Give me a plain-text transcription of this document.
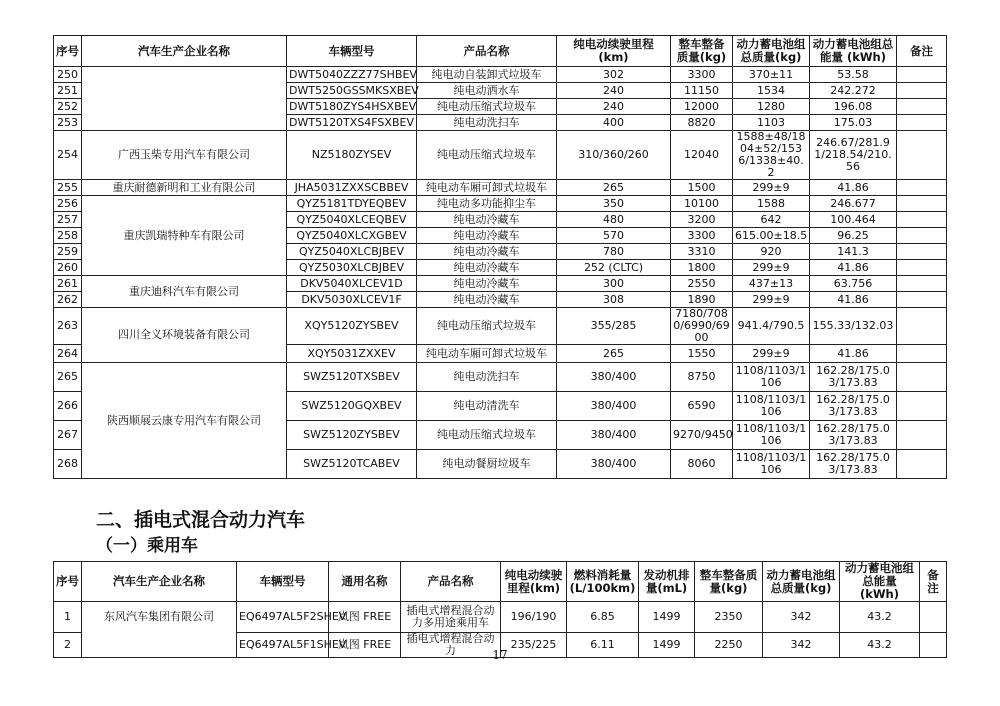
序号	汽车生产企业名称	车辆型号	产品名称	纯电动续驶里程(km)	整车整备质量(kg)	动力蓄电池组总质量(kg)	动力蓄电池组总能量 (kWh)	备注
250		DWT5040ZZZ77SHBEV	纯电动自装卸式垃圾车	302	3300	370±11	53.58	
251		DWT5250GSSMKSXBEV	纯电动洒水车	240	11150	1534	242.272	
252		DWT5180ZYS4HSXBEV	纯电动压缩式垃圾车	240	12000	1280	196.08	
253		DWT5120TXS4FSXBEV	纯电动洗扫车	400	8820	1103	175.03	
254	广西玉柴专用汽车有限公司	NZ5180ZYSEV	纯电动压缩式垃圾车	310/360/260	12040	1588±48/1804±52/1536/1338±40.2	246.67/281.91/218.54/210.56	
255	重庆耐德新明和工业有限公司	JHA5031ZXXSCBBEV	纯电动车厢可卸式垃圾车	265	1500	299±9	41.86	
256	重庆凯瑞特种车有限公司	QYZ5181TDYEQBEV	纯电动多功能抑尘车	350	10100	1588	246.677	
257		QYZ5040XLCEQBEV	纯电动冷藏车	480	3200	642	100.464	
258		QYZ5040XLCXGBEV	纯电动冷藏车	570	3300	615.00±18.5	96.25	
259		QYZ5040XLCBJBEV	纯电动冷藏车	780	3310	920	141.3	
260		QYZ5030XLCBJBEV	纯电动冷藏车	252 (CLTC)	1800	299±9	41.86	
261	重庆迪科汽车有限公司	DKV5040XLCEV1D	纯电动冷藏车	300	2550	437±13	63.756	
262		DKV5030XLCEV1F	纯电动冷藏车	308	1890	299±9	41.86	
263	四川全义环境装备有限公司	XQY5120ZYSBEV	纯电动压缩式垃圾车	355/285	7180/7080/6990/6900	941.4/790.5	155.33/132.03	
264		XQY5031ZXXEV	纯电动车厢可卸式垃圾车	265	1550	299±9	41.86	
265	陕西顺展云康专用汽车有限公司	SWZ5120TXSBEV	纯电动洗扫车	380/400	8750	1108/1103/1106	162.28/175.03/173.83	
266		SWZ5120GQXBEV	纯电动清洗车	380/400	6590	1108/1103/1106	162.28/175.03/173.83	
267		SWZ5120ZYSBEV	纯电动压缩式垃圾车	380/400	9270/9450	1108/1103/1106	162.28/175.03/173.83	
268		SWZ5120TCABEV	纯电动餐厨垃圾车	380/400	8060	1108/1103/1106	162.28/175.03/173.83	
二、插电式混合动力汽车
（一）乘用车
序号	汽车生产企业名称	车辆型号	通用名称	产品名称	纯电动续驶里程(km)	燃料消耗量 (L/100km)	发动机排量(mL)	整车整备质量(kg)	动力蓄电池组总质量(kg)	动力蓄电池组总能量 (kWh)	备注
1	东风汽车集团有限公司	EQ6497AL5F2SHEV	岚图 FREE	插电式增程混合动力多用途乘用车	196/190	6.85	1499	2350	342	43.2	
2		EQ6497AL5F1SHEV	岚图 FREE	插电式增程混合动力	235/225	6.11	1499	2250	342	43.2	
17
